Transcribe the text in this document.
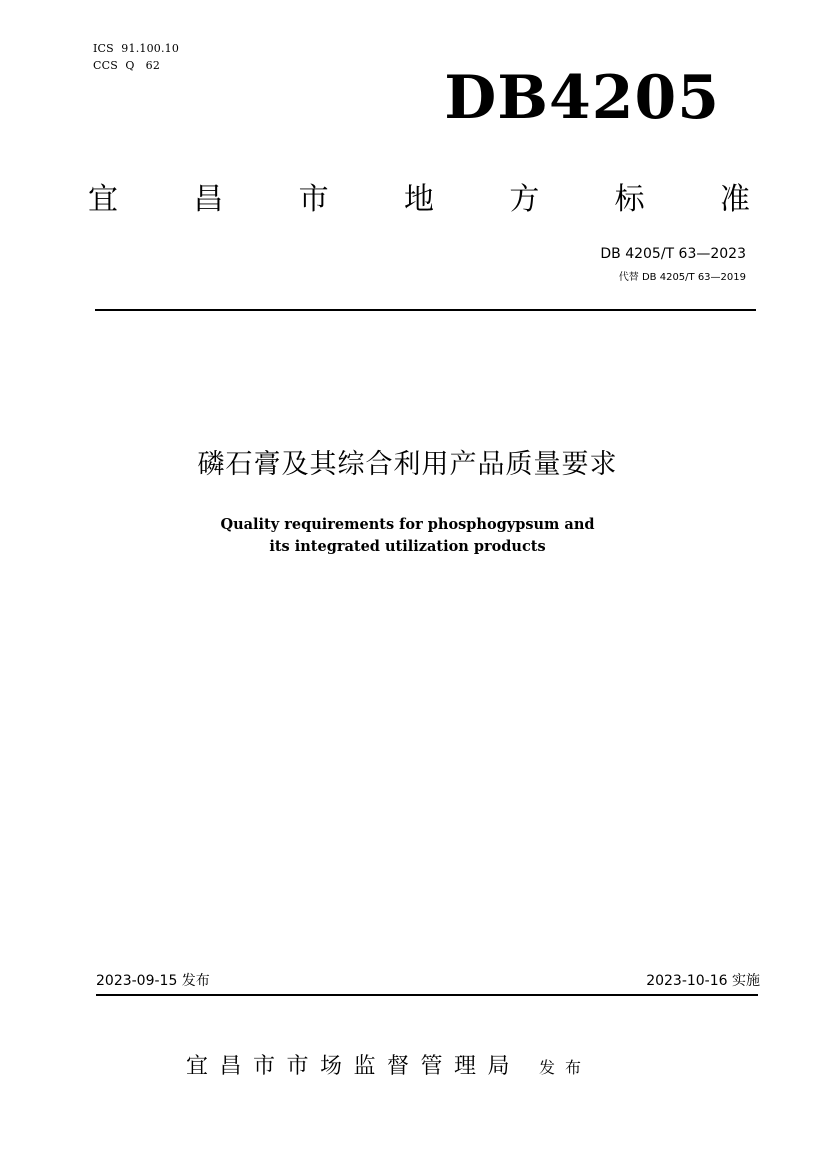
ICS  91.100.10
CCS  Q   62	DB4205
宜	昌	市	地	方	标	准
DB 4205/T 63—2023
代替 DB 4205/T 63—2019
磷石膏及其综合利用产品质量要求
Quality requirements for phosphogypsum and
its integrated utilization products
2023-09-15 发布	2023-10-16 实施
宜昌市市场监督管理局 发布
